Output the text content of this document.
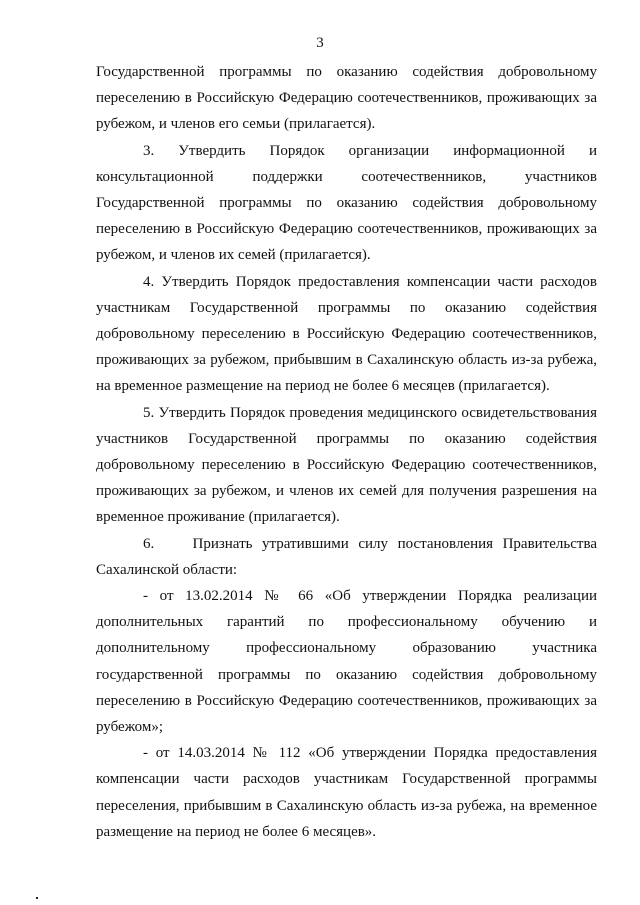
3

Государственной программы по оказанию содействия добровольному переселению в Российскую Федерацию соотечественников, проживающих за рубежом, и членов его семьи (прилагается).

3.     Утвердить     Порядок     организации     информационной     и консультационной поддержки соотечественников, участников Государственной программы по оказанию содействия добровольному переселению в Российскую Федерацию соотечественников, проживающих за рубежом, и членов их семей (прилагается).

4. Утвердить Порядок предоставления компенсации части расходов участникам Государственной программы по оказанию содействия добровольному переселению в Российскую Федерацию соотечественников, проживающих за рубежом, прибывшим в Сахалинскую область из-за рубежа, на временное размещение на период не более 6 месяцев (прилагается).

5. Утвердить Порядок проведения медицинского освидетельствования участников Государственной программы по оказанию содействия добровольному переселению в Российскую Федерацию соотечественников, проживающих за рубежом, и членов их семей для получения разрешения на временное проживание (прилагается).

6.    Признать утратившими силу постановления Правительства Сахалинской области:

- от 13.02.2014 № 66 «Об утверждении Порядка реализации дополнительных гарантий по профессиональному обучению и дополнительному профессиональному образованию участника государственной программы по оказанию содействия добровольному переселению в Российскую Федерацию соотечественников, проживающих за рубежом»;

- от 14.03.2014 № 112 «Об утверждении Порядка предоставления компенсации части расходов участникам Государственной программы переселения, прибывшим в Сахалинскую область из-за рубежа, на временное размещение на период не более 6 месяцев».
